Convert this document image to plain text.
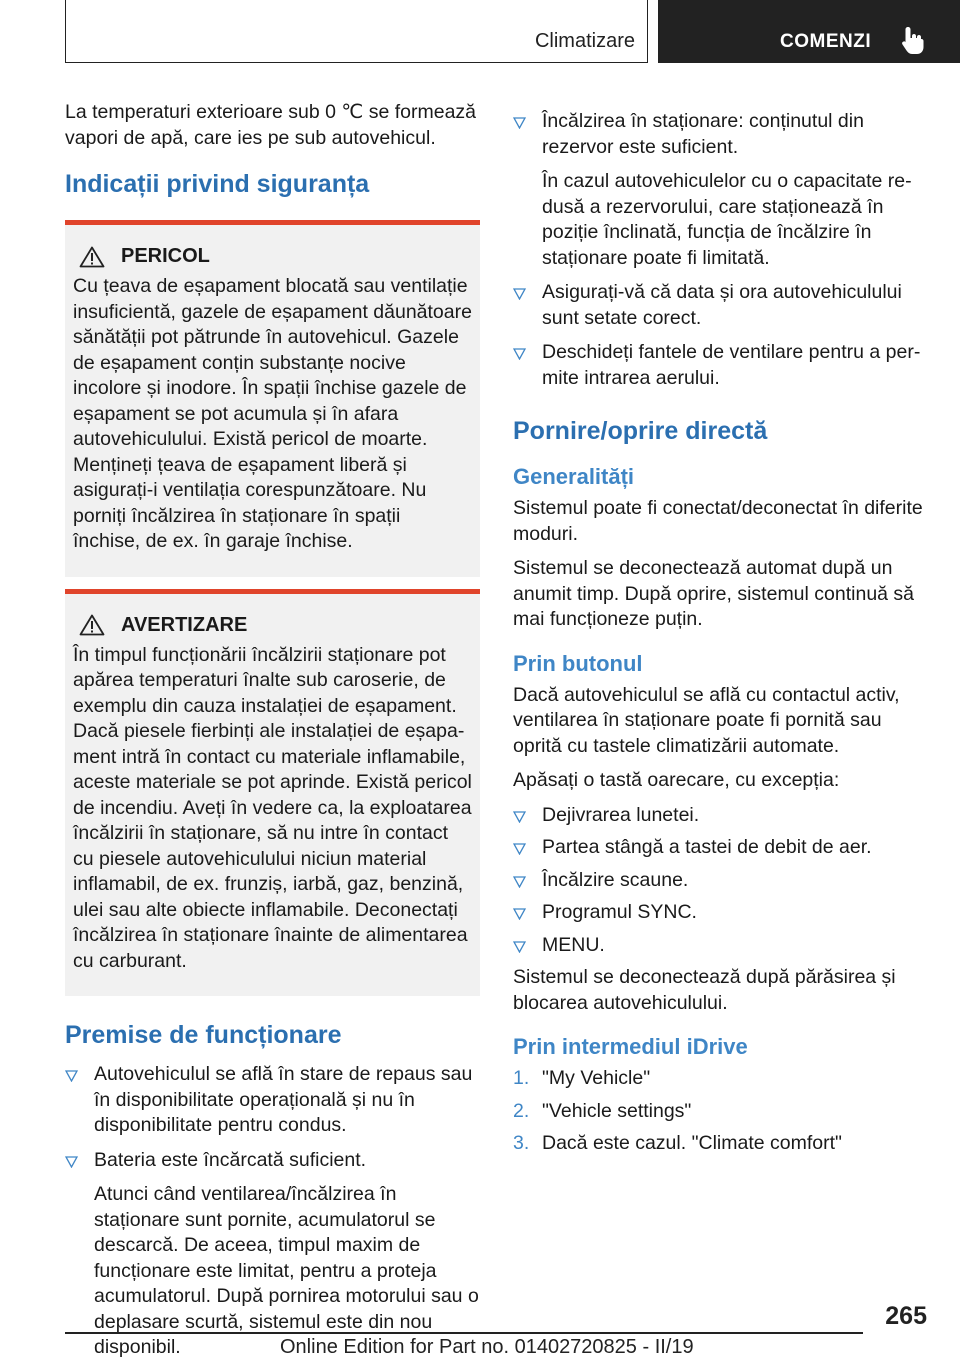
Climatizare	COMENZI

La temperaturi exterioare sub 0 ℃ se formează vapori de apă, care ies pe sub autovehicul.

Indicații privind siguranța
PERICOL

Cu țeava de eșapament blocată sau ventilație insuficientă, gazele de eșapament dăunătoare sănătății pot pătrunde în autovehicul. Gazele de eșapament conțin substanțe nocive incolore și inodore. În spații închise gazele de eșapament se pot acumula și în afara autovehiculului. Există pericol de moarte. Mențineți țeava de eșapament liberă și asigurați-i ventilația corespunzătoare. Nu porniți încălzirea în staționare în spații închise, de ex. în garaje închise.

AVERTIZARE

În timpul funcționării încălzirii staționare pot apărea temperaturi înalte sub caroserie, de exemplu din cauza instalației de eșapament. Dacă piesele fierbinți ale instalației de eșapament intră în contact cu materiale inflamabile, aceste materiale se pot aprinde. Există pericol de incendiu. Aveți în vedere ca, la exploatarea încălzirii în staționare, să nu intre în contact cu piesele autovehiculului niciun material inflamabil, de ex. frunziș, iarbă, gaz, benzină, ulei sau alte obiecte inflamabile. Deconectați încălzirea în staționare înainte de alimentarea cu carburant.

Premise de funcționare

Autovehiculul se află în stare de repaus sau în disponibilitate operațională și nu în disponibilitate pentru condus.

Bateria este încărcată suficient.

Atunci când ventilarea/încălzirea în staționare sunt pornite, acumulatorul se descarcă. De aceea, timpul maxim de funcționare este limitat, pentru a proteja acumulatorul. După pornirea motorului sau o deplasare scurtă, sistemul este din nou disponibil.

Încălzirea în staționare: conținutul din rezervor este suficient.

În cazul autovehiculelor cu o capacitate redusă a rezervorului, care staționează în poziție înclinată, funcția de încălzire în staționare poate fi limitată.

Asigurați-vă că data și ora autovehiculului sunt setate corect.

Deschideți fantele de ventilare pentru a permite intrarea aerului.

Pornire/oprire directă
Generalități

Sistemul poate fi conectat/deconectat în diferite moduri.

Sistemul se deconectează automat după un anumit timp. După oprire, sistemul continuă să mai funcționeze puțin.

Prin butonul

Dacă autovehiculul se află cu contactul activ, ventilarea în staționare poate fi pornită sau oprită cu tastele climatizării automate.

Apăsați o tastă oarecare, cu excepția:

Dejivrarea lunetei.

Partea stângă a tastei de debit de aer.

Încălzire scaune.

Programul SYNC.

MENU.

Sistemul se deconectează după părăsirea și blocarea autovehiculului.

Prin intermediul iDrive
1. "My Vehicle"

2. "Vehicle settings"

3. Dacă este cazul. "Climate comfort"

265
Online Edition for Part no. 01402720825 - II/19
